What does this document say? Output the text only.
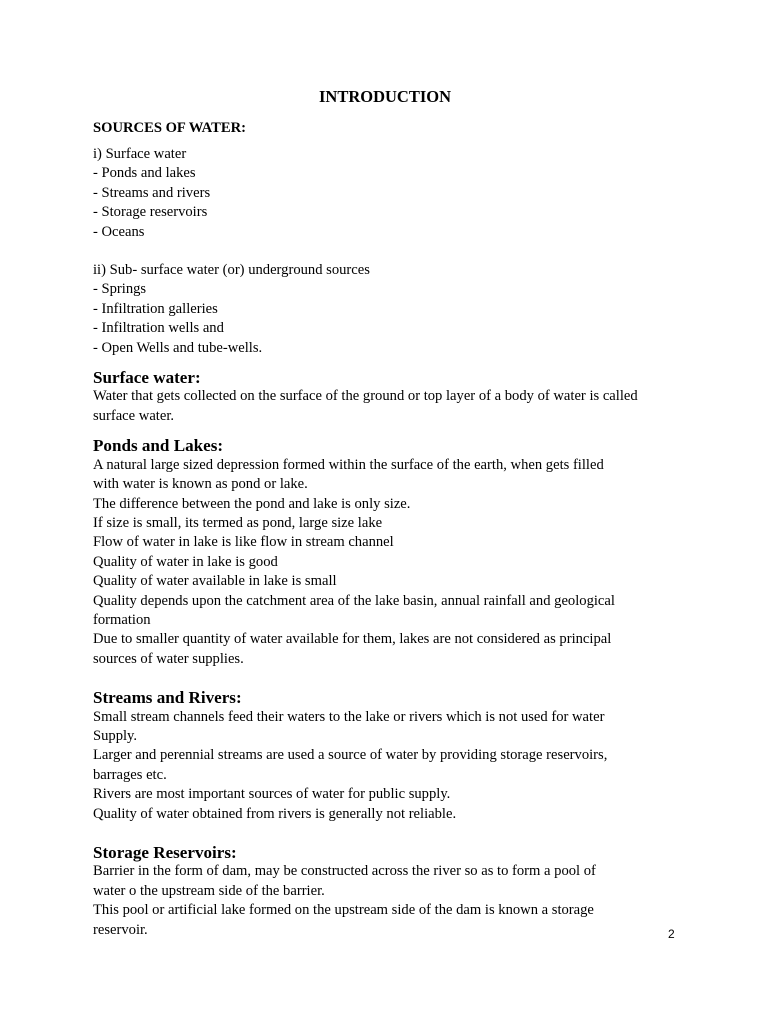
INTRODUCTION
SOURCES OF WATER:
i) Surface water
- Ponds and lakes
- Streams and rivers
- Storage reservoirs
- Oceans
ii) Sub- surface water (or) underground sources
- Springs
- Infiltration galleries
- Infiltration wells and
- Open Wells and tube-wells.
Surface water:

Water that gets collected on the surface of the ground or top layer of a body of water is called

surface water.

Ponds and Lakes:

A natural large sized depression formed within the surface of the earth, when gets filled

with water is known as pond or lake.

The difference between the pond and lake is only size.

If size is small, its termed as pond, large size lake

Flow of water in lake is like flow in stream channel

Quality of water in lake is good

Quality of water available in lake is small

Quality depends upon the catchment area of the lake basin, annual rainfall and geological

formation

Due to smaller quantity of water available for them, lakes are not considered as principal

sources of water supplies.

Streams and Rivers:

Small stream channels feed their waters to the lake or rivers which is not used for water

Supply.

Larger and perennial streams are used a source of water by providing storage reservoirs,

barrages etc.

Rivers are most important sources of water for public supply.

Quality of water obtained from rivers is generally not reliable.

Storage Reservoirs:

Barrier in the form of dam, may be constructed across the river so as to form a pool of

water o the upstream side of the barrier.

This pool or artificial lake formed on the upstream side of the dam is known a storage

reservoir.	2
